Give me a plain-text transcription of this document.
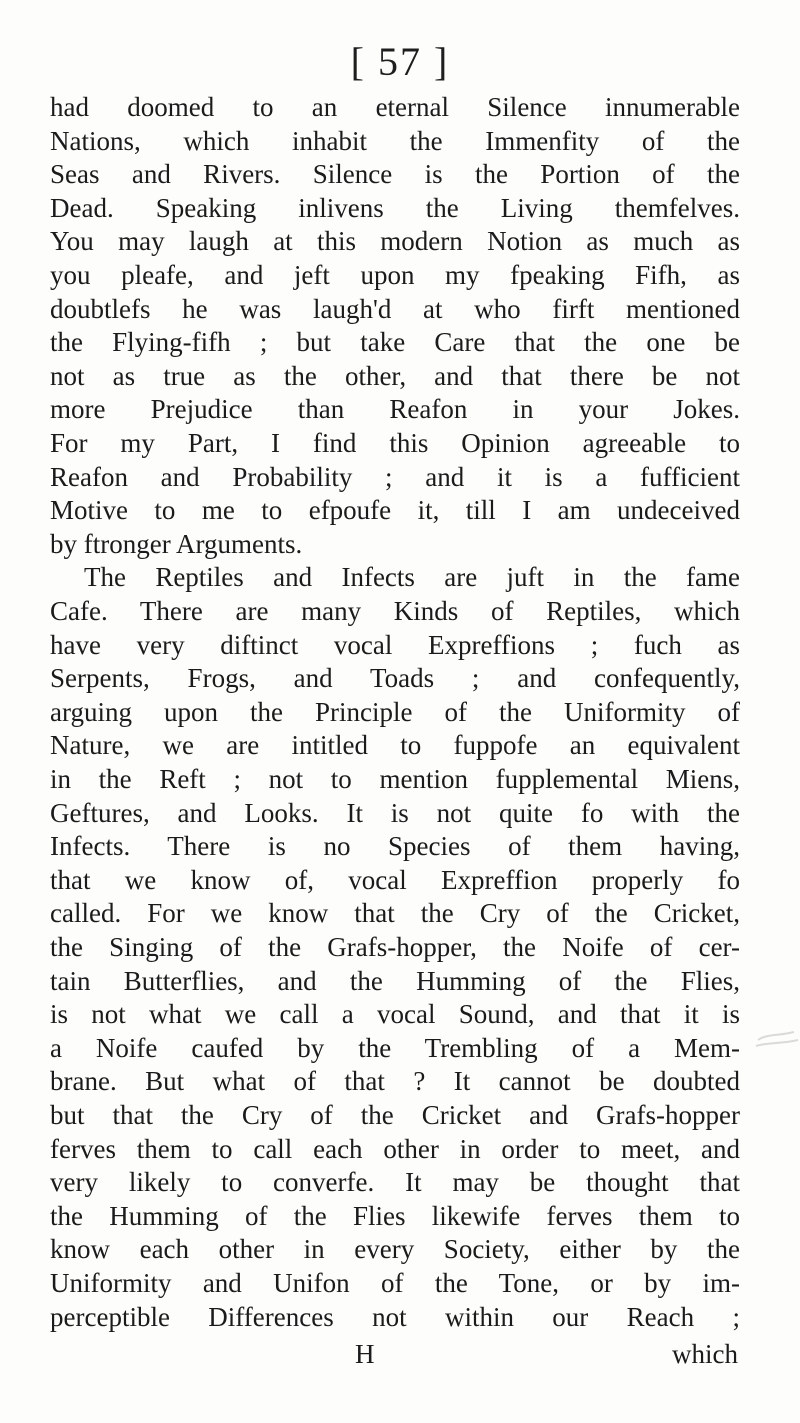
[ 57 ]
had doomed to an eternal Silence innumerable
Nations, which inhabit the Immenfity of the
Seas and Rivers. Silence is the Portion of the
Dead. Speaking inlivens the Living themfelves.
You may laugh at this modern Notion as much as
you pleafe, and jeft upon my fpeaking Fifh, as
doubtlefs he was laugh'd at who firft mentioned
the Flying-fifh ; but take Care that the one be
not as true as the other, and that there be not
more Prejudice than Reafon in your Jokes.
For my Part, I find this Opinion agreeable to
Reafon and Probability ; and it is a fufficient
Motive to me to efpoufe it, till I am undeceived
by ftronger Arguments.
The Reptiles and Infects are juft in the fame
Cafe. There are many Kinds of Reptiles, which
have very diftinct vocal Expreffions ; fuch as
Serpents, Frogs, and Toads ; and confequently,
arguing upon the Principle of the Uniformity of
Nature, we are intitled to fuppofe an equivalent
in the Reft ; not to mention fupplemental Miens,
Geftures, and Looks. It is not quite fo with the
Infects. There is no Species of them having,
that we know of, vocal Expreffion properly fo
called. For we know that the Cry of the Cricket,
the Singing of the Grafs-hopper, the Noife of cer-
tain Butterflies, and the Humming of the Flies,
is not what we call a vocal Sound, and that it is
a Noife caufed by the Trembling of a Mem-
brane. But what of that ? It cannot be doubted
but that the Cry of the Cricket and Grafs-hopper
ferves them to call each other in order to meet, and
very likely to converfe. It may be thought that
the Humming of the Flies likewife ferves them to
know each other in every Society, either by the
Uniformity and Unifon of the Tone, or by im-
perceptible Differences not within our Reach ;
H	which
